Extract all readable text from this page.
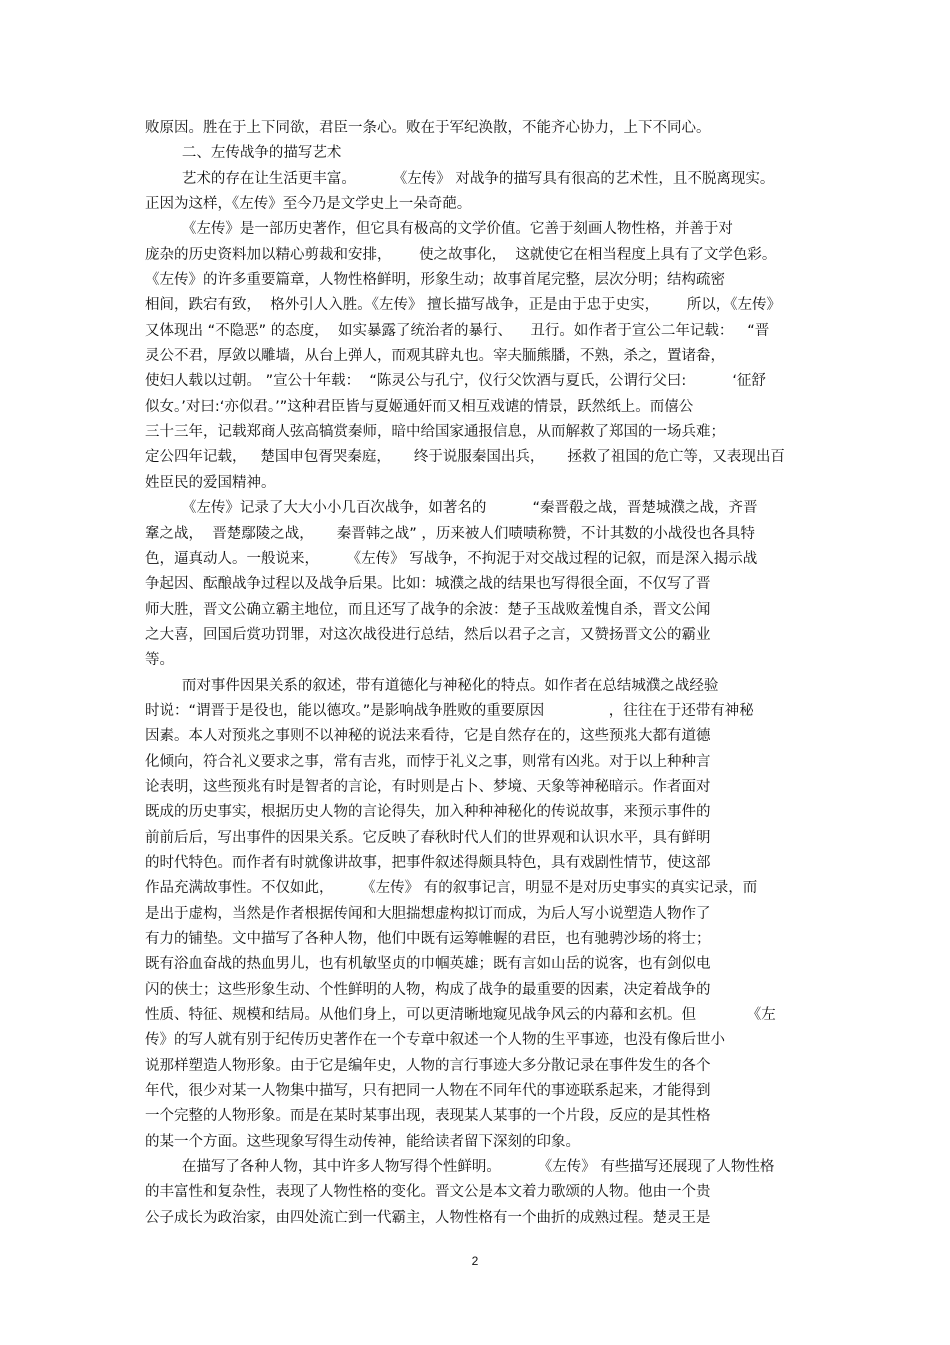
败原因。胜在于上下同欲，君臣一条心。败在于军纪涣散，不能齐心协力，上下不同心。
二、左传战争的描写艺术
艺术的存在让生活更丰富。        《左传》 对战争的描写具有很高的艺术性，且不脱离现实。
正因为这样，《左传》至今乃是文学史上一朵奇葩。
《左传》是一部历史著作，但它具有极高的文学价值。它善于刻画人物性格，并善于对
庞杂的历史资料加以精心剪裁和安排，      使之故事化，  这就使它在相当程度上具有了文学色彩。
《左传》的许多重要篇章，人物性格鲜明，形象生动；故事首尾完整，层次分明；结构疏密
相间，跌宕有致，  格外引人入胜。《左传》 擅长描写战争，正是由于忠于史实，      所以，《左传》
又体现出 “不隐恶” 的态度，  如实暴露了统治者的暴行、    丑行。如作者于宣公二年记载：   “晋
灵公不君，厚敛以雕墙，从台上弹人，而观其辟丸也。宰夫胹熊膰，不熟，杀之，置诸畚，
使妇人载以过朝。 ”宣公十年载：  “陈灵公与孔宁，仪行父饮酒与夏氏，公谓行父曰:          ‘征舒
似女。’对曰:‘亦似君。’”这种君臣皆与夏姬通奸而又相互戏谑的情景，跃然纸上。而僖公
三十三年，记载郑商人弦高犒赏秦师，暗中给国家通报信息，从而解救了郑国的一场兵难；
定公四年记载，   楚国申包胥哭秦庭，     终于说服秦国出兵，     拯救了祖国的危亡等，又表现出百
姓臣民的爱国精神。
《左传》记录了大大小小几百次战争，如著名的          “秦晋殽之战，晋楚城濮之战，齐晋
鞌之战，  晋楚鄢陵之战，     秦晋韩之战” ，历来被人们啧啧称赞，不计其数的小战役也各具特
色，逼真动人。一般说来，      《左传》 写战争，不拘泥于对交战过程的记叙，而是深入揭示战
争起因、酝酿战争过程以及战争后果。比如：城濮之战的结果也写得很全面，不仅写了晋
师大胜，晋文公确立霸主地位，而且还写了战争的余波：楚子玉战败羞愧自杀，晋文公闻
之大喜，回国后赏功罚罪，对这次战役进行总结，然后以君子之言，又赞扬晋文公的霸业
等。
而对事件因果关系的叙述，带有道德化与神秘化的特点。如作者在总结城濮之战经验
时说：“谓晋于是役也，能以德攻。”是影响战争胜败的重要原因              ，往往在于还带有神秘
因素。本人对预兆之事则不以神秘的说法来看待，它是自然存在的，这些预兆大都有道德
化倾向，符合礼义要求之事，常有吉兆，而悖于礼义之事，则常有凶兆。对于以上种种言
论表明，这些预兆有时是智者的言论，有时则是占卜、梦境、天象等神秘暗示。作者面对
既成的历史事实，根据历史人物的言论得失，加入种种神秘化的传说故事，来预示事件的
前前后后，写出事件的因果关系。它反映了春秋时代人们的世界观和认识水平，具有鲜明
的时代特色。而作者有时就像讲故事，把事件叙述得颇具特色，具有戏剧性情节，使这部
作品充满故事性。不仅如此，      《左传》 有的叙事记言，明显不是对历史事实的真实记录，而
是出于虚构，当然是作者根据传闻和大胆揣想虚构拟订而成，为后人写小说塑造人物作了
有力的铺垫。文中描写了各种人物，他们中既有运筹帷幄的君臣，也有驰骋沙场的将士；
既有浴血奋战的热血男儿，也有机敏坚贞的巾帼英雄；既有言如山岳的说客，也有剑似电
闪的侠士；这些形象生动、个性鲜明的人物，构成了战争的最重要的因素，决定着战争的
性质、特征、规模和结局。从他们身上，可以更清晰地窥见战争风云的内幕和玄机。但           《左
传》的写人就有别于纪传历史著作在一个专章中叙述一个人物的生平事迹，也没有像后世小
说那样塑造人物形象。由于它是编年史，人物的言行事迹大多分散记录在事件发生的各个
年代，很少对某一人物集中描写，只有把同一人物在不同年代的事迹联系起来，才能得到
一个完整的人物形象。而是在某时某事出现，表现某人某事的一个片段，反应的是其性格
的某一个方面。这些现象写得生动传神，能给读者留下深刻的印象。
在描写了各种人物，其中许多人物写得个性鲜明。        《左传》 有些描写还展现了人物性格
的丰富性和复杂性，表现了人物性格的变化。晋文公是本文着力歌颂的人物。他由一个贵
公子成长为政治家，由四处流亡到一代霸主，人物性格有一个曲折的成熟过程。楚灵王是
2
